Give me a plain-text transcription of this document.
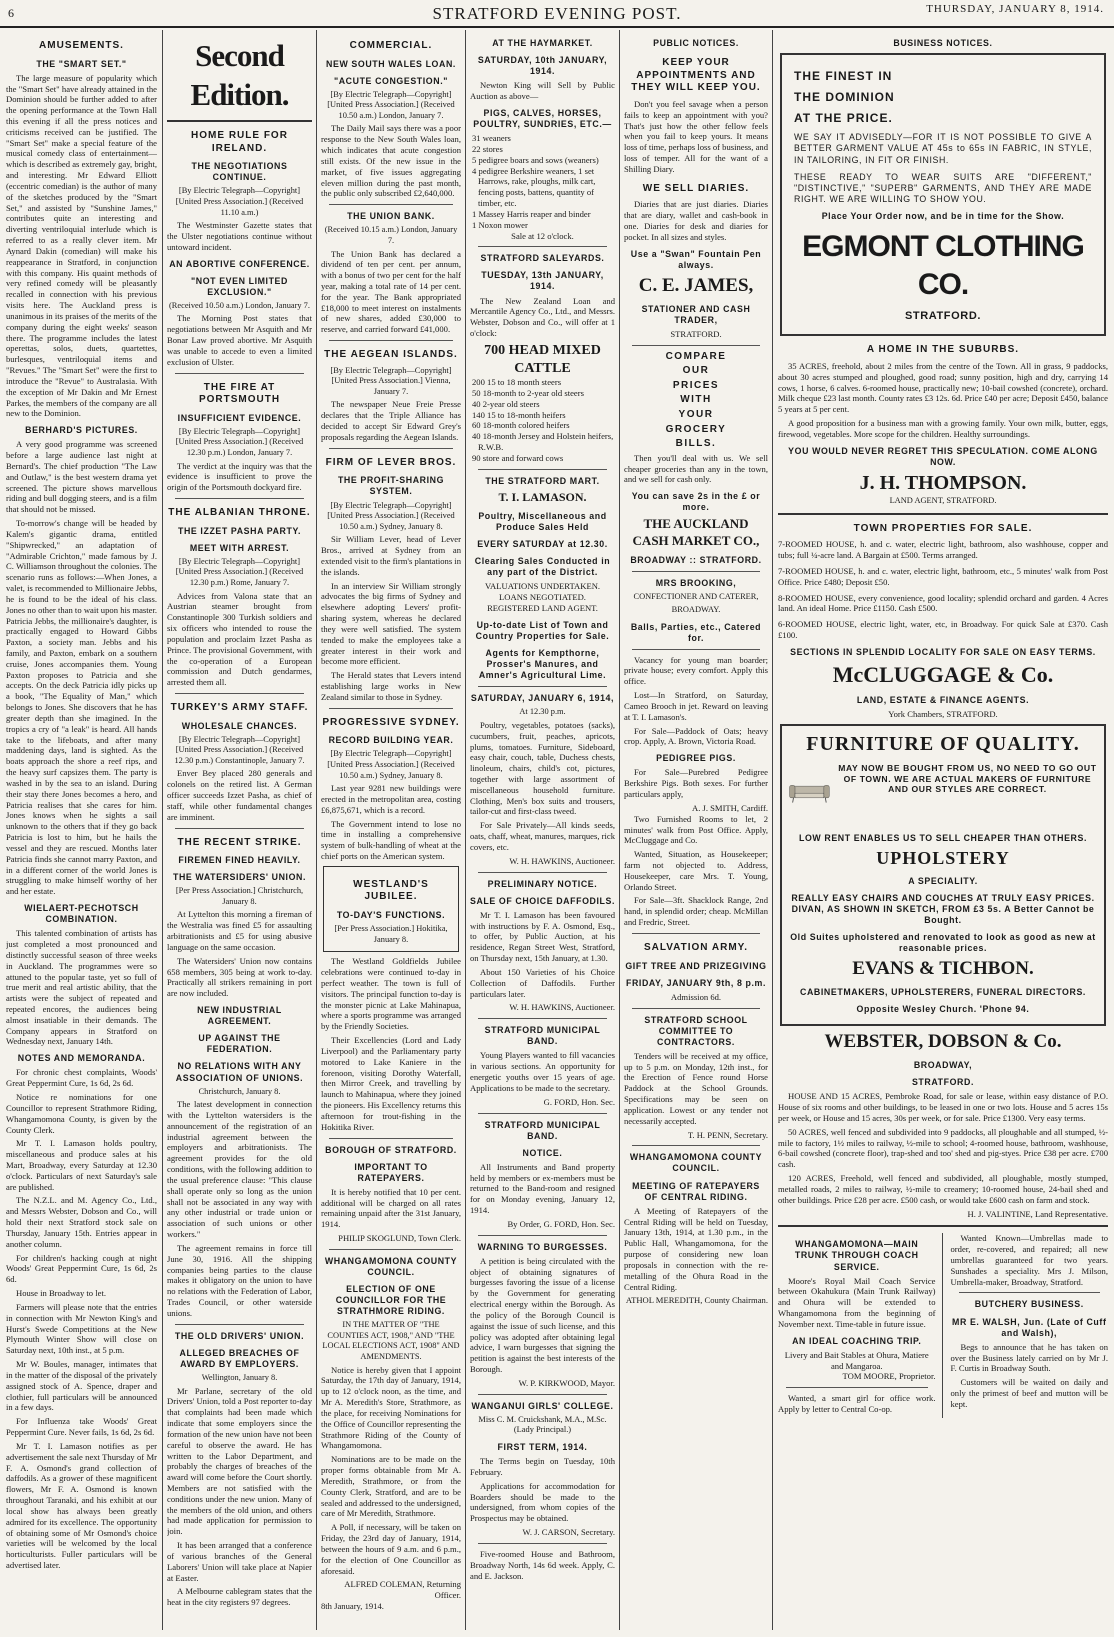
6	STRATFORD EVENING POST.	THURSDAY, JANUARY 8, 1914.
AMUSEMENTS.
THE "SMART SET."

The large measure of popularity which the "Smart Set" have already attained in the Dominion should be further added to after the opening performance at the Town Hall this evening if all the press notices and criticisms received can be justified. The "Smart Set" make a special feature of the musical comedy class of entertainment—which is described as extremely gay, bright, and interesting. Mr Edward Elliott (eccentric comedian) is the author of many of the sketches produced by the "Smart Set," and assisted by "Sunshine James," contributes quite an interesting and diverting ventriloquial interlude which is referred to as a really clever item. Mr Aynard Dakin (comedian) will make his reappearance in Stratford, in conjunction with this company. His quaint methods of very refined comedy will be pleasantly recalled in connection with his previous visits here. The Auckland press is unanimous in its praises of the merits of the company during the eight weeks' season there. The programme includes the latest operettas, solos, duets, quartettes, burlesques, ventriloquial items and "Revues." The "Smart Set" were the first to introduce the "Revue" to Australasia. With the exception of Mr Dakin and Mr Ernest Parkes, the members of the company are all new to the Dominion.

BERHARD'S PICTURES.

A very good programme was screened before a large audience last night at Bernard's. The chief production "The Law and Outlaw," is the best western drama yet screened. The picture shows marvellous riding and bull dogging steers, and is a film that should not be missed.

To-morrow's change will be headed by Kalem's gigantic drama, entitled "Shipwrecked," an adaptation of "Admirable Crichton," made famous by J. C. Williamson throughout the colonies. The scenario runs as follows:—When Jones, a valet, is recommended to Millionaire Jebbs, he is found to be the ideal of his class. Jones no other than to wait upon his master. Patricia Jebbs, the millionaire's daughter, is practically engaged to Howard Gibbs Paxton, a society man. Jebbs and his family, and Paxton, embark on a southern cruise, Jones accompanies them. Young Paxton proposes to Patricia and she accepts. On the deck Patricia idly picks up a book, "The Equality of Man," which belongs to Jones. She discovers that he has greater depth than she imagined. In the tropics a cry of "a leak" is heard. All hands take to the lifeboats, and after many maddening days, land is sighted. As the boats approach the shore a reef rips, and the heavy surf capsizes them. The party is washed in by the sea to an island. During their stay there Jones becomes a hero, and Patricia realises that she cares for him. Jones knows when he sights a sail unknown to the others that if they go back Patricia is lost to him, but he hails the vessel and they are rescued. Months later Patricia finds she cannot marry Paxton, and in a different corner of the world Jones is struggling to make himself worthy of her and her estate.

WIELAERT-PECHOTSCH COMBINATION.

This talented combination of artists has just completed a most pronounced and distinctly successful season of three weeks in Auckland. The programmes were so attuned to the popular taste, yet so full of true merit and real artistic ability, that the artists were the subject of repeated and repeated encores, the audiences being almost insatiable in their demands. The Company appears in Stratford on Wednesday next, January 14th.

NOTES AND MEMORANDA.

For chronic chest complaints, Woods' Great Peppermint Cure, 1s 6d, 2s 6d.

Notice re nominations for one Councillor to represent Strathmore Riding, Whangamomona County, is given by the County Clerk.

Mr T. I. Lamason holds poultry, miscellaneous and produce sales at his Mart, Broadway, every Saturday at 12.30 o'clock. Particulars of next Saturday's sale are published.

The N.Z.L. and M. Agency Co., Ltd., and Messrs Webster, Dobson and Co., will hold their next Stratford stock sale on Thursday, January 15th. Entries appear in another column.

For children's hacking cough at night Woods' Great Peppermint Cure, 1s 6d, 2s 6d.

House in Broadway to let.

Farmers will please note that the entries in connection with Mr Newton King's and Hurst's Swede Competitions at the New Plymouth Winter Show will close on Saturday next, 10th inst., at 5 p.m.

Mr W. Boules, manager, intimates that in the matter of the disposal of the privately assigned stock of A. Spence, draper and clothier, full particulars will be announced in a few days.

For Influenza take Woods' Great Peppermint Cure. Never fails, 1s 6d, 2s 6d.

Mr T. I. Lamason notifies as per advertisement the sale next Thursday of Mr F. A. Osmond's grand collection of daffodils. As a grower of these magnificent flowers, Mr F. A. Osmond is known throughout Taranaki, and his exhibit at our local show has always been greatly admired for its excellence. The opportunity of obtaining some of Mr Osmond's choice varieties will be welcomed by the local horticulturists. Fuller particulars will be advertised later.

Second Edition.
HOME RULE FOR IRELAND.
THE NEGOTIATIONS CONTINUE.
[By Electric Telegraph—Copyright] [United Press Association.] (Received 11.10 a.m.)

The Westminster Gazette states that the Ulster negotiations continue without untoward incident.

AN ABORTIVE CONFERENCE.
"NOT EVEN LIMITED EXCLUSION."
(Received 10.50 a.m.) London, January 7.

The Morning Post states that negotiations between Mr Asquith and Mr Bonar Law proved abortive. Mr Asquith was unable to accede to even a limited exclusion of Ulster.

THE FIRE AT PORTSMOUTH
INSUFFICIENT EVIDENCE.
[By Electric Telegraph—Copyright] [United Press Association.] (Received 12.30 p.m.) London, January 7.

The verdict at the inquiry was that the evidence is insufficient to prove the origin of the Portsmouth dockyard fire.

THE ALBANIAN THRONE.
THE IZZET PASHA PARTY.
MEET WITH ARREST.
[By Electric Telegraph—Copyright] [United Press Association.] (Received 12.30 p.m.) Rome, January 7.

Advices from Valona state that an Austrian steamer brought from Constantinople 300 Turkish soldiers and six officers who intended to rouse the population and proclaim Izzet Pasha as Prince. The provisional Government, with the co-operation of a European commission and Dutch gendarmes, arrested them all.

TURKEY'S ARMY STAFF.
WHOLESALE CHANCES.
[By Electric Telegraph—Copyright] [United Press Association.] (Received 12.30 p.m.) Constantinople, January 7.

Enver Bey placed 280 generals and colonels on the retired list. A German officer succeeds Izzet Pasha, as chief of staff, while other fundamental changes are imminent.

THE RECENT STRIKE.
FIREMEN FINED HEAVILY.
THE WATERSIDERS' UNION.
[Per Press Association.] Christchurch, January 8.

At Lyttelton this morning a fireman of the Westralia was fined £5 for assaulting arbitrationists and £5 for using abusive language on the same occasion.

The Watersiders' Union now contains 658 members, 305 being at work to-day. Practically all strikers remaining in port are now included.

NEW INDUSTRIAL AGREEMENT.
UP AGAINST THE FEDERATION.
NO RELATIONS WITH ANY ASSOCIATION OF UNIONS.
Christchurch, January 8.

The latest development in connection with the Lyttelton watersiders is the announcement of the registration of an industrial agreement between the employers and arbitrationists. The agreement provides for the old conditions, with the following addition to the usual preference clause: "This clause shall operate only so long as the union shall not be associated in any way with any other industrial or trade union or association of such unions or other workers."

The agreement remains in force till June 30, 1916. All the shipping companies being parties to the clause makes it obligatory on the union to have no relations with the Federation of Labor, Trades Council, or other waterside unions.

THE OLD DRIVERS' UNION.
ALLEGED BREACHES OF AWARD BY EMPLOYERS.
Wellington, January 8.

Mr Parlane, secretary of the old Drivers' Union, told a Post reporter to-day that complaints had been made which indicate that some employers since the formation of the new union have not been careful to observe the award. He has written to the Labor Department, and probably the charges of breaches of the award will come before the Court shortly. Members are not satisfied with the conditions under the new union. Many of the members of the old union, and others had made application for permission to join.

It has been arranged that a conference of various branches of the General Laborers' Union will take place at Napier at Easter.

A Melbourne cablegram states that the heat in the city registers 97 degrees.

COMMERCIAL.
NEW SOUTH WALES LOAN.
"ACUTE CONGESTION."
[By Electric Telegraph—Copyright] [United Press Association.] (Received 10.50 a.m.) London, January 7.

The Daily Mail says there was a poor response to the New South Wales loan, which indicates that acute congestion still exists. Of the new issue in the market, of five issues aggregating eleven million during the past month, the public only subscribed £2,640,000.

THE UNION BANK.
(Received 10.15 a.m.) London, January 7.

The Union Bank has declared a dividend of ten per cent. per annum, with a bonus of two per cent for the half year, making a total rate of 14 per cent. for the year. The Bank appropriated £18,000 to meet interest on instalments of new shares, added £30,000 to reserve, and carried forward £41,000.

THE AEGEAN ISLANDS.
[By Electric Telegraph—Copyright] [United Press Association.] Vienna, January 7.

The newspaper Neue Freie Presse declares that the Triple Alliance has decided to accept Sir Edward Grey's proposals regarding the Aegean Islands.

FIRM OF LEVER BROS.
THE PROFIT-SHARING SYSTEM.
[By Electric Telegraph—Copyright] [United Press Association.] (Received 10.50 a.m.) Sydney, January 8.

Sir William Lever, head of Lever Bros., arrived at Sydney from an extended visit to the firm's plantations in the islands.

In an interview Sir William strongly advocates the big firms of Sydney and elsewhere adopting Levers' profit-sharing system, whereas he declared they were well satisfied. The system tended to make the employees take a greater interest in their work and become more efficient.

The Herald states that Levers intend establishing large works in New Zealand similar to those in Sydney.

PROGRESSIVE SYDNEY.
RECORD BUILDING YEAR.
[By Electric Telegraph—Copyright] [United Press Association.] (Received 10.50 a.m.) Sydney, January 8.

Last year 9281 new buildings were erected in the metropolitan area, costing £6,875,671, which is a record.

The Government intend to lose no time in installing a comprehensive system of bulk-handling of wheat at the chief ports on the American system.

WESTLAND'S JUBILEE.
TO-DAY'S FUNCTIONS.
[Per Press Association.] Hokitika, January 8.

The Westland Goldfields Jubilee celebrations were continued to-day in perfect weather. The town is full of visitors. The principal function to-day is the monster picnic at Lake Mahinapua, where a sports programme was arranged by the Friendly Societies.

Their Excellencies (Lord and Lady Liverpool) and the Parliamentary party motored to Lake Kaniere in the forenoon, visiting Dorothy Waterfall, then Mirror Creek, and travelling by launch to Mahinapua, where they joined the pioneers. His Excellency returns this afternoon for trout-fishing in the Hokitika River.

BOROUGH OF STRATFORD.
IMPORTANT TO RATEPAYERS.

It is hereby notified that 10 per cent. additional will be charged on all rates remaining unpaid after the 31st January, 1914.

PHILIP SKOGLUND, Town Clerk.
WHANGAMOMONA COUNTY COUNCIL.
ELECTION OF ONE COUNCILLOR FOR THE STRATHMORE RIDING.
IN THE MATTER OF "THE COUNTIES ACT, 1908," AND "THE LOCAL ELECTIONS ACT, 1908" AND AMENDMENTS.

Notice is hereby given that I appoint Saturday, the 17th day of January, 1914, up to 12 o'clock noon, as the time, and Mr A. Meredith's Store, Strathmore, as the place, for receiving Nominations for the Office of Councillor representing the Strathmore Riding of the County of Whangamomona.

Nominations are to be made on the proper forms obtainable from Mr A. Meredith, Strathmore, or from the County Clerk, Stratford, and are to be sealed and addressed to the undersigned, care of Mr Meredith, Strathmore.

A Poll, if necessary, will be taken on Friday, the 23rd day of January, 1914, between the hours of 9 a.m. and 6 p.m., for the election of One Councillor as aforesaid.

ALFRED COLEMAN, Returning Officer.
8th January, 1914.
AT THE HAYMARKET.
SATURDAY, 10th JANUARY, 1914.

Newton King will Sell by Public Auction as above—

PIGS, CALVES, HORSES, POULTRY, SUNDRIES, ETC.—
31 weaners
22 stores
5 pedigree boars and sows (weaners)
4 pedigree Berkshire weaners, 1 set Harrows, rake, ploughs, milk cart, fencing posts, battens, quantity of timber, etc.
1 Massey Harris reaper and binder
1 Noxon mower
Sale at 12 o'clock.
STRATFORD SALEYARDS.
TUESDAY, 13th JANUARY, 1914.

The New Zealand Loan and Mercantile Agency Co., Ltd., and Messrs. Webster, Dobson and Co., will offer at 1 o'clock:

700 HEAD MIXED CATTLE
200 15 to 18 month steers
50 18-month to 2-year old steers
40 2-year old steers
140 15 to 18-month heifers
60 18-month colored heifers
40 18-month Jersey and Holstein heifers, R.W.B.
90 store and forward cows
THE STRATFORD MART.
T. I. LAMASON.
Poultry, Miscellaneous and Produce Sales Held
EVERY SATURDAY at 12.30.
Clearing Sales Conducted in any part of the District.
VALUATIONS UNDERTAKEN.
LOANS NEGOTIATED.
REGISTERED LAND AGENT.
Up-to-date List of Town and Country Properties for Sale.
Agents for Kempthorne, Prosser's Manures, and Amner's Agricultural Lime.
SATURDAY, JANUARY 6, 1914,
At 12.30 p.m.

Poultry, vegetables, potatoes (sacks), cucumbers, fruit, peaches, apricots, plums, tomatoes. Furniture, Sideboard, easy chair, couch, table, Duchess chests, linoleum, chairs, child's cot, pictures, together with large assortment of miscellaneous household furniture. Clothing, Men's box suits and trousers, tailor-cut and first-class tweed.

For Sale Privately—All kinds seeds, oats, chaff, wheat, manures, marques, rick covers, etc.

W. H. HAWKINS, Auctioneer.
PRELIMINARY NOTICE.
SALE OF CHOICE DAFFODILS.

Mr T. I. Lamason has been favoured with instructions by F. A. Osmond, Esq., to offer, by Public Auction, at his residence, Regan Street West, Stratford, on Thursday next, 15th January, at 1.30.

About 150 Varieties of his Choice Collection of Daffodils. Further particulars later.

W. H. HAWKINS, Auctioneer.
STRATFORD MUNICIPAL BAND.

Young Players wanted to fill vacancies in various sections. An opportunity for energetic youths over 15 years of age. Applications to be made to the secretary.

G. FORD, Hon. Sec.
STRATFORD MUNICIPAL BAND.
NOTICE.

All Instruments and Band property held by members or ex-members must be returned to the Band-room and resigned for on Monday evening, January 12, 1914.

By Order, G. FORD, Hon. Sec.
WARNING TO BURGESSES.

A petition is being circulated with the object of obtaining signatures of burgesses favoring the issue of a license by the Government for generating electrical energy within the Borough. As the policy of the Borough Council is against the issue of such license, and this policy was adopted after obtaining legal advice, I warn burgesses that signing the petition is against the best interests of the Borough.

W. P. KIRKWOOD, Mayor.
WANGANUI GIRLS' COLLEGE.
Miss C. M. Cruickshank, M.A., M.Sc. (Lady Principal.)
FIRST TERM, 1914.

The Terms begin on Tuesday, 10th February.

Applications for accommodation for Boarders should be made to the undersigned, from whom copies of the Prospectus may be obtained.

W. J. CARSON, Secretary.

Five-roomed House and Bathroom, Broadway North, 14s 6d week. Apply, C. and E. Jackson.

PUBLIC NOTICES.
KEEP YOUR APPOINTMENTS AND THEY WILL KEEP YOU.

Don't you feel savage when a person fails to keep an appointment with you? That's just how the other fellow feels when you fail to keep yours. It means loss of time, perhaps loss of business, and loss of temper. All for the want of a Shilling Diary.

WE SELL DIARIES.

Diaries that are just diaries. Diaries that are diary, wallet and cash-book in one. Diaries for desk and diaries for pocket. In all sizes and styles.

Use a "Swan" Fountain Pen always.
C. E. JAMES,
STATIONER AND CASH TRADER,
STRATFORD.
COMPARE
OUR
PRICES
WITH
YOUR
GROCERY
BILLS.

Then you'll deal with us. We sell cheaper groceries than any in the town, and we sell for cash only.

You can save 2s in the £ or more.
THE AUCKLAND CASH MARKET CO.,
BROADWAY :: STRATFORD.
MRS BROOKING,
CONFECTIONER AND CATERER,
BROADWAY.
Balls, Parties, etc., Catered for.

Vacancy for young man boarder; private house; every comfort. Apply this office.

Lost—In Stratford, on Saturday, Cameo Brooch in jet. Reward on leaving at T. I. Lamason's.

For Sale—Paddock of Oats; heavy crop. Apply, A. Brown, Victoria Road.

PEDIGREE PIGS.

For Sale—Purebred Pedigree Berkshire Pigs. Both sexes. For further particulars apply,

A. J. SMITH, Cardiff.

Two Furnished Rooms to let, 2 minutes' walk from Post Office. Apply, McCluggage and Co.

Wanted, Situation, as Housekeeper; farm not objected to. Address, Housekeeper, care Mrs. T. Young, Orlando Street.

For Sale—3ft. Shacklock Range, 2nd hand, in splendid order; cheap. McMillan and Fredric, Street.

SALVATION ARMY.
GIFT TREE AND PRIZEGIVING
FRIDAY, JANUARY 9th, 8 p.m.
Admission 6d.
STRATFORD SCHOOL COMMITTEE TO CONTRACTORS.

Tenders will be received at my office, up to 5 p.m. on Monday, 12th inst., for the Erection of Fence round Horse Paddock at the School Grounds. Specifications may be seen on application. Lowest or any tender not necessarily accepted.

T. H. PENN, Secretary.
WHANGAMOMONA COUNTY COUNCIL.
MEETING OF RATEPAYERS OF CENTRAL RIDING.

A Meeting of Ratepayers of the Central Riding will be held on Tuesday, January 13th, 1914, at 1.30 p.m., in the Public Hall, Whangamomona, for the purpose of considering new loan proposals in connection with the re-metalling of the Ohura Road in the Central Riding.

ATHOL MEREDITH, County Chairman.
BUSINESS NOTICES.
THE FINEST IN
THE DOMINION
AT THE PRICE.
WE SAY IT ADVISEDLY—FOR IT IS NOT POSSIBLE TO GIVE A BETTER GARMENT VALUE AT 45s to 65s IN FABRIC, IN STYLE, IN TAILORING, IN FIT OR FINISH.
THESE READY TO WEAR SUITS ARE "DIFFERENT," "DISTINCTIVE," "SUPERB" GARMENTS, AND THEY ARE MADE RIGHT. WE ARE WILLING TO SHOW YOU.
Place Your Order now, and be in time for the Show.
EGMONT CLOTHING CO.
STRATFORD.
A HOME IN THE SUBURBS.

35 ACRES, freehold, about 2 miles from the centre of the Town. All in grass, 9 paddocks, about 30 acres stumped and ploughed, good road; sunny position, high and dry, carrying 14 cows, 1 horse, 6 calves. 6-roomed house, practically new; 10-bail cowshed (concrete), orchard. Milk cheque £23 last month. County rates £3 12s. 6d. Price £40 per acre; Deposit £450, balance 5 years at 5 per cent.

A good proposition for a business man with a growing family. Your own milk, butter, eggs, firewood, vegetables. More scope for the children. Healthy surroundings.

YOU WOULD NEVER REGRET THIS SPECULATION. COME ALONG NOW.
J. H. THOMPSON.
LAND AGENT, STRATFORD.
TOWN PROPERTIES FOR SALE.
7-ROOMED HOUSE, h. and c. water, electric light, bathroom, also washhouse, copper and tubs; full ¼-acre land. A Bargain at £500. Terms arranged.
7-ROOMED HOUSE, h. and c. water, electric light, bathroom, etc., 5 minutes' walk from Post Office. Price £480; Deposit £50.
8-ROOMED HOUSE, every convenience, good locality; splendid orchard and garden. 4 Acres land. An ideal Home. Price £1150. Cash £500.
6-ROOMED HOUSE, electric light, water, etc, in Broadway. For quick Sale at £370. Cash £100.
SECTIONS IN SPLENDID LOCALITY FOR SALE ON EASY TERMS.
McCLUGGAGE & Co.
LAND, ESTATE & FINANCE AGENTS.
York Chambers, STRATFORD.
FURNITURE OF QUALITY.
MAY NOW BE BOUGHT FROM US, NO NEED TO GO OUT OF TOWN. WE ARE ACTUAL MAKERS OF FURNITURE AND OUR STYLES ARE CORRECT.
LOW RENT ENABLES US TO SELL CHEAPER THAN OTHERS.
UPHOLSTERY
A SPECIALITY.
REALLY EASY CHAIRS AND COUCHES AT TRULY EASY PRICES. DIVAN, AS SHOWN IN SKETCH, FROM £3 5s. A Better Cannot be Bought.
Old Suites upholstered and renovated to look as good as new at reasonable prices.
EVANS & TICHBON.
CABINETMAKERS, UPHOLSTERERS, FUNERAL DIRECTORS.
Opposite Wesley Church. 'Phone 94.
WEBSTER, DOBSON & Co.
BROADWAY,
STRATFORD.

HOUSE AND 15 ACRES, Pembroke Road, for sale or lease, within easy distance of P.O. House of six rooms and other buildings, to be leased in one or two lots. House and 5 acres 15s per week, or House and 15 acres, 30s per week, or for sale. Price £1300. Very easy terms.

50 ACRES, well fenced and subdivided into 9 paddocks, all ploughable and all stumped, ½-mile to factory, 1½ miles to railway, ½-mile to school; 4-roomed house, bathroom, washhouse, 6-bail cowshed (concrete floor), trap-shed and too' shed and pig-styes. Price £38 per acre. £700 cash.

120 ACRES, Freehold, well fenced and subdivided, all ploughable, mostly stumped, metalled roads, 2 miles to railway, ½-mile to creamery; 10-roomed house, 24-bail shed and other buildings. Price £28 per acre. £500 cash, or would take £600 cash on farm and stock.

H. J. VALINTINE, Land Representative.
WHANGAMOMONA—MAIN TRUNK THROUGH COACH SERVICE.

Moore's Royal Mail Coach Service between Okahukura (Main Trunk Railway) and Ohura will be extended to Whangamomona from the beginning of November next. Time-table in future issue.

AN IDEAL COACHING TRIP.
Livery and Bait Stables at Ohura, Matiere and Mangaroa.
TOM MOORE, Proprietor.

Wanted, a smart girl for office work. Apply by letter to Central Co-op.

Wanted Known—Umbrellas made to order, re-covered, and repaired; all new umbrellas guaranteed for two years. Sunshades a speciality. Mrs J. Milson, Umbrella-maker, Broadway, Stratford.

BUTCHERY BUSINESS.
MR E. WALSH, Jun. (Late of Cuff and Walsh),

Begs to announce that he has taken on over the Business lately carried on by Mr J. F. Curtis in Broadway South.

Customers will be waited on daily and only the primest of beef and mutton will be kept.
